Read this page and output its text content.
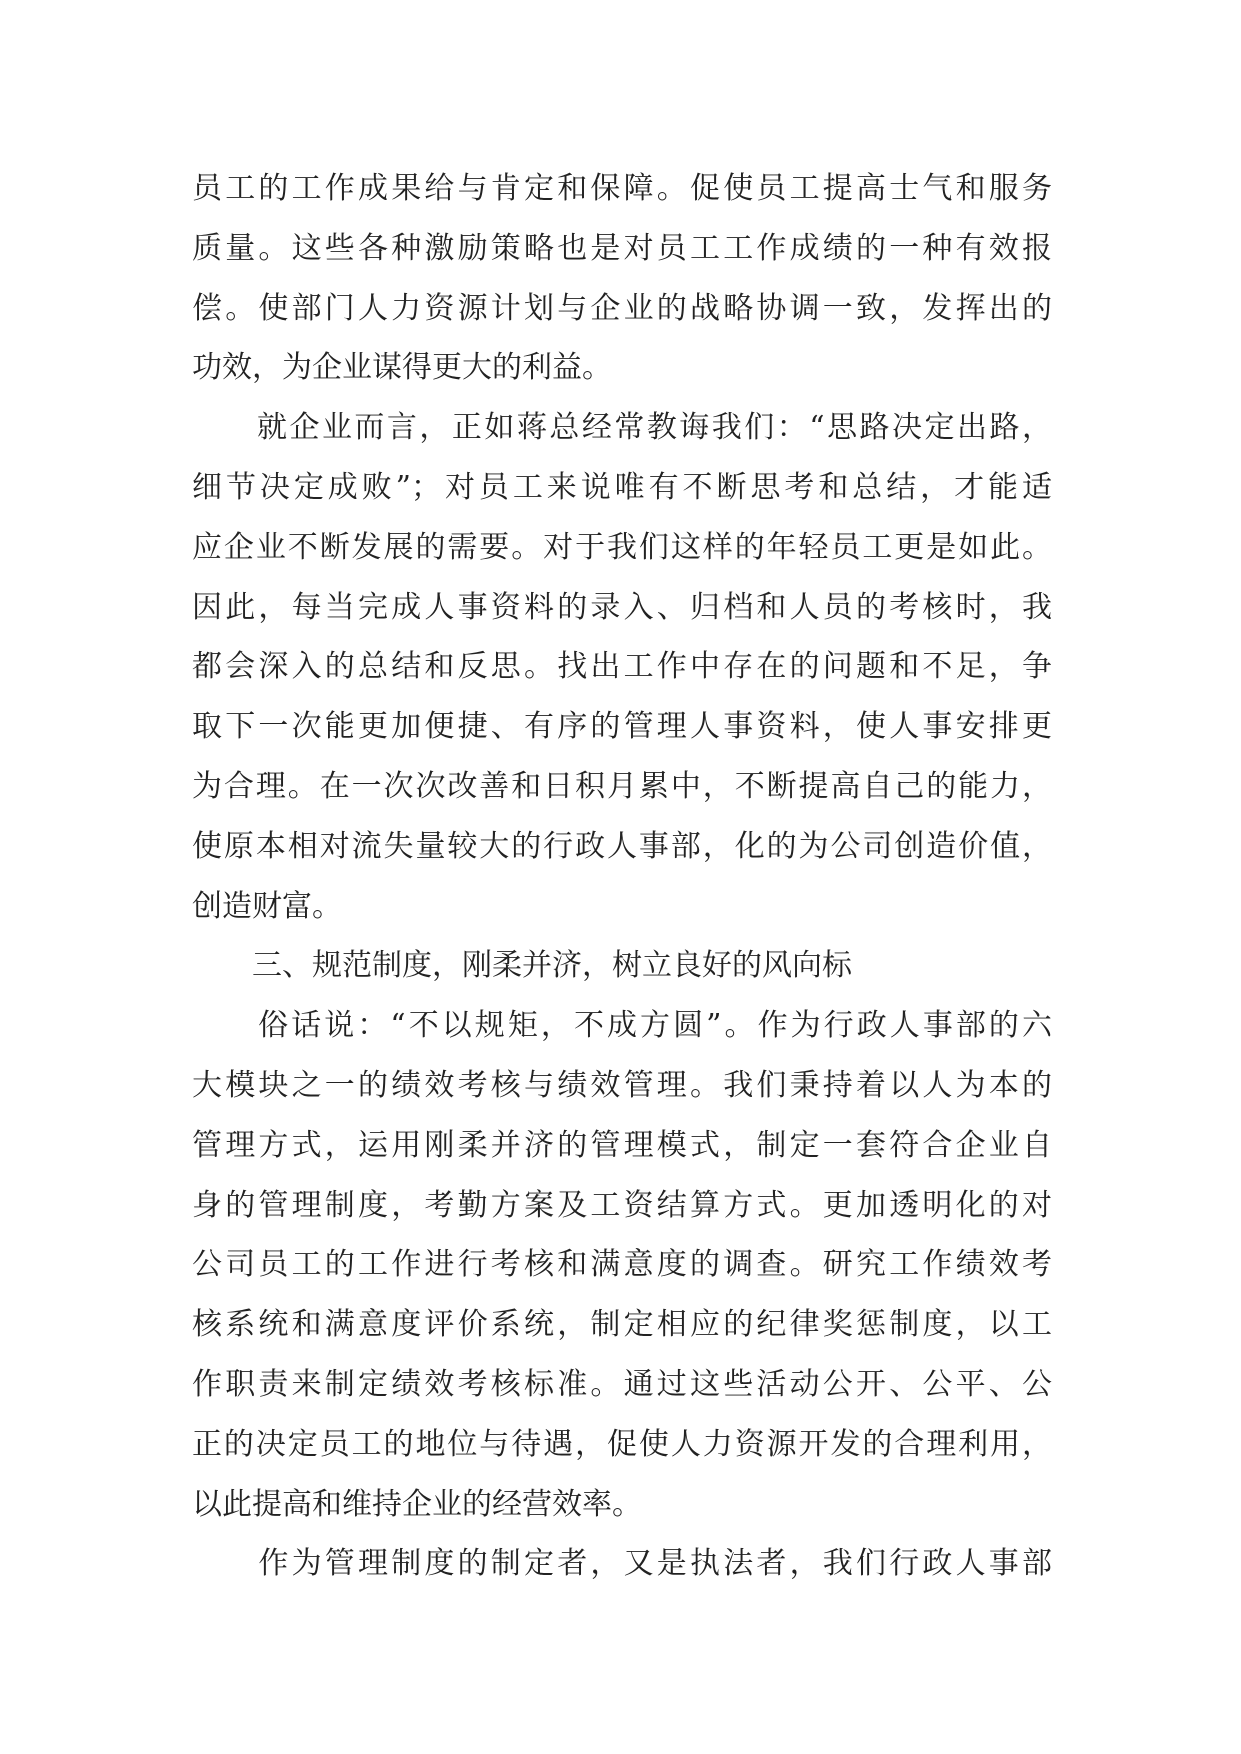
员工的工作成果给与肯定和保障。促使员工提高士气和服务
质量。这些各种激励策略也是对员工工作成绩的一种有效报
偿。使部门人力资源计划与企业的战略协调一致，发挥出的
功效，为企业谋得更大的利益。
　　就企业而言，正如蒋总经常教诲我们：“思路决定出路，
细节决定成败”；对员工来说唯有不断思考和总结，才能适
应企业不断发展的需要。对于我们这样的年轻员工更是如此。
因此，每当完成人事资料的录入、归档和人员的考核时，我
都会深入的总结和反思。找出工作中存在的问题和不足，争
取下一次能更加便捷、有序的管理人事资料，使人事安排更
为合理。在一次次改善和日积月累中，不断提高自己的能力，
使原本相对流失量较大的行政人事部，化的为公司创造价值，
创造财富。
　　三、规范制度，刚柔并济，树立良好的风向标
　　俗话说：“不以规矩，不成方圆”。作为行政人事部的六
大模块之一的绩效考核与绩效管理。我们秉持着以人为本的
管理方式，运用刚柔并济的管理模式，制定一套符合企业自
身的管理制度，考勤方案及工资结算方式。更加透明化的对
公司员工的工作进行考核和满意度的调查。研究工作绩效考
核系统和满意度评价系统，制定相应的纪律奖惩制度，以工
作职责来制定绩效考核标准。通过这些活动公开、公平、公
正的决定员工的地位与待遇，促使人力资源开发的合理利用，
以此提高和维持企业的经营效率。
　　作为管理制度的制定者，又是执法者，我们行政人事部
